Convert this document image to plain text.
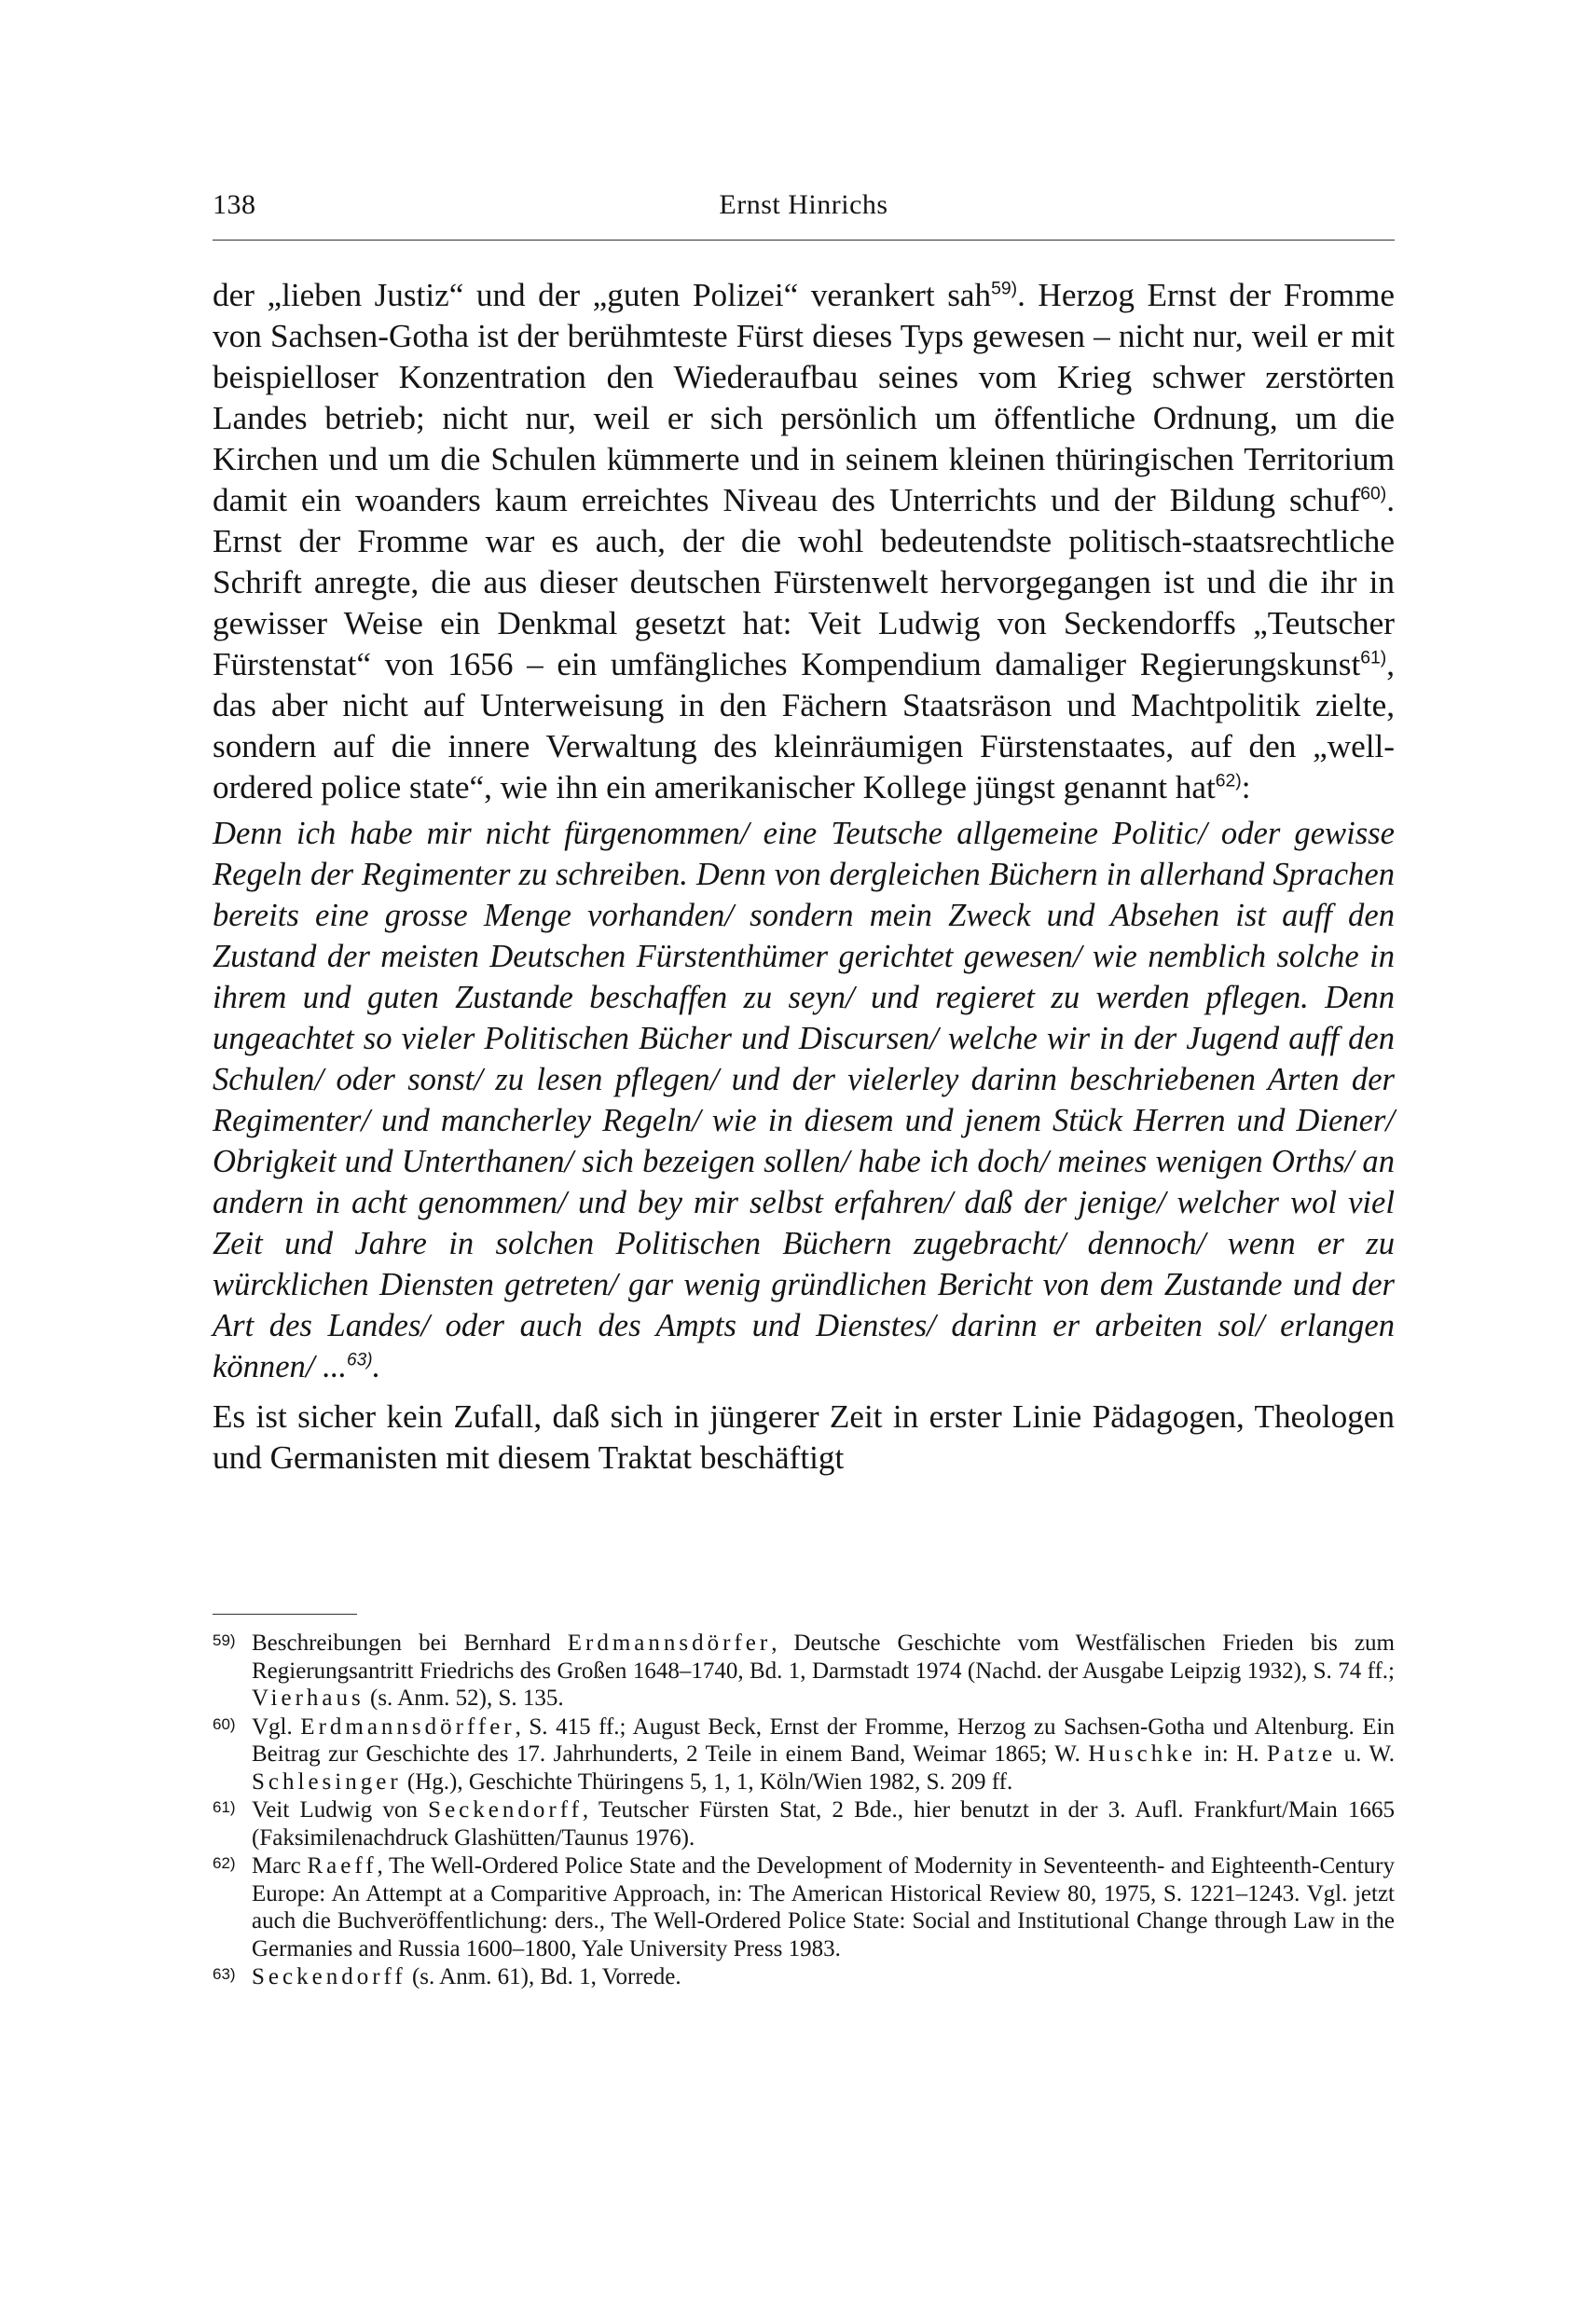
138	Ernst Hinrichs

der „lieben Justiz“ und der „guten Polizei“ verankert sah$^{59)}$. Herzog Ernst der Fromme von Sachsen-Gotha ist der berühmteste Fürst dieses Typs gewesen – nicht nur, weil er mit beispielloser Konzentration den Wiederaufbau seines vom Krieg schwer zerstörten Landes betrieb; nicht nur, weil er sich persönlich um öffentliche Ordnung, um die Kirchen und um die Schulen kümmerte und in seinem kleinen thüringischen Territorium damit ein woanders kaum erreichtes Niveau des Unterrichts und der Bildung schuf$^{60)}$. Ernst der Fromme war es auch, der die wohl bedeutendste politisch-staatsrechtliche Schrift anregte, die aus dieser deutschen Fürstenwelt hervorgegangen ist und die ihr in gewisser Weise ein Denkmal gesetzt hat: Veit Ludwig von Seckendorffs „Teutscher Fürstenstat“ von 1656 – ein umfängliches Kompendium damaliger Regierungskunst$^{61)}$, das aber nicht auf Unterweisung in den Fächern Staatsräson und Machtpolitik zielte, sondern auf die innere Verwaltung des kleinräumigen Fürstenstaates, auf den „well-ordered police state“, wie ihn ein amerikanischer Kollege jüngst genannt hat$^{62)}$:

Denn ich habe mir nicht fürgenommen/ eine Teutsche allgemeine Politic/ oder gewisse Regeln der Regimenter zu schreiben. Denn von dergleichen Büchern in allerhand Sprachen bereits eine grosse Menge vorhanden/ sondern mein Zweck und Absehen ist auff den Zustand der meisten Deutschen Fürstenthümer gerichtet gewesen/ wie nemblich solche in ihrem und guten Zustande beschaffen zu seyn/ und regieret zu werden pflegen. Denn ungeachtet so vieler Politischen Bücher und Discursen/ welche wir in der Jugend auff den Schulen/ oder sonst/ zu lesen pflegen/ und der vielerley darinn beschriebenen Arten der Regimenter/ und mancherley Regeln/ wie in diesem und jenem Stück Herren und Diener/ Obrigkeit und Unterthanen/ sich bezeigen sollen/ habe ich doch/ meines wenigen Orths/ an andern in acht genommen/ und bey mir selbst erfahren/ daß der jenige/ welcher wol viel Zeit und Jahre in solchen Politischen Büchern zugebracht/ dennoch/ wenn er zu würcklichen Diensten getreten/ gar wenig gründlichen Bericht von dem Zustande und der Art des Landes/ oder auch des Ampts und Dienstes/ darinn er arbeiten sol/ erlangen können/ ...$^{63)}$.

Es ist sicher kein Zufall, daß sich in jüngerer Zeit in erster Linie Pädagogen, Theologen und Germanisten mit diesem Traktat beschäftigt

59) Beschreibungen bei Bernhard Erdmannsdörfer, Deutsche Geschichte vom Westfälischen Frieden bis zum Regierungsantritt Friedrichs des Großen 1648–1740, Bd. 1, Darmstadt 1974 (Nachd. der Ausgabe Leipzig 1932), S. 74 ff.; Vierhaus (s. Anm. 52), S. 135.
60) Vgl. Erdmannsdörffer, S. 415 ff.; August Beck, Ernst der Fromme, Herzog zu Sachsen-Gotha und Altenburg. Ein Beitrag zur Geschichte des 17. Jahrhunderts, 2 Teile in einem Band, Weimar 1865; W. Huschke in: H. Patze u. W. Schlesinger (Hg.), Geschichte Thüringens 5, 1, 1, Köln/Wien 1982, S. 209 ff.
61) Veit Ludwig von Seckendorff, Teutscher Fürsten Stat, 2 Bde., hier benutzt in der 3. Aufl. Frankfurt/Main 1665 (Faksimilenachdruck Glashütten/Taunus 1976).
62) Marc Raeff, The Well-Ordered Police State and the Development of Modernity in Seventeenth- and Eighteenth-Century Europe: An Attempt at a Comparitive Approach, in: The American Historical Review 80, 1975, S. 1221–1243. Vgl. jetzt auch die Buchveröffentlichung: ders., The Well-Ordered Police State: Social and Institutional Change through Law in the Germanies and Russia 1600–1800, Yale University Press 1983.
63) Seckendorff (s. Anm. 61), Bd. 1, Vorrede.
